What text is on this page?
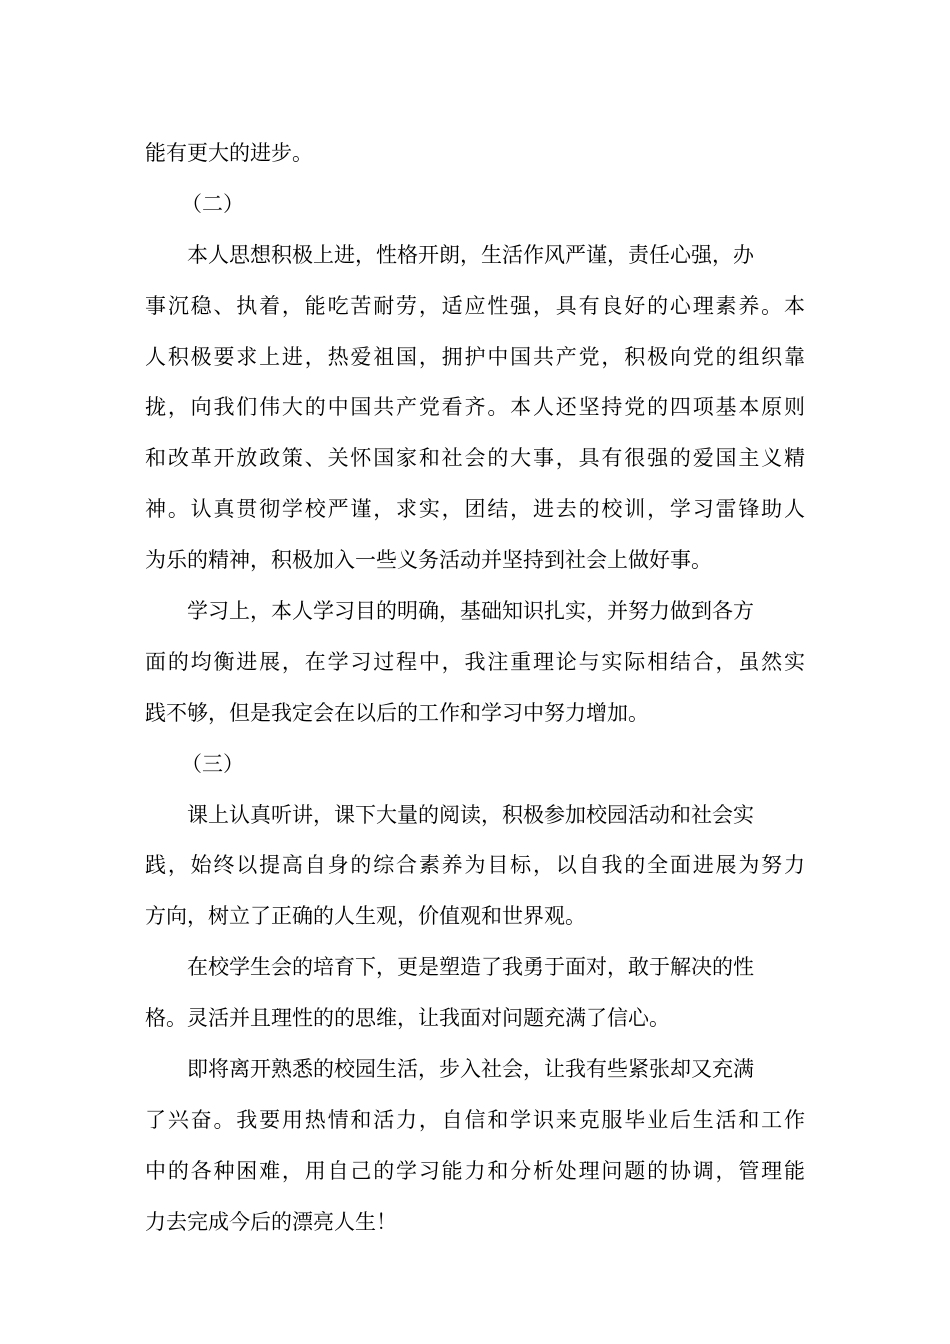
能有更大的进步。
（二）
本人思想积极上进，性格开朗，生活作风严谨，责任心强，办
事沉稳、执着，能吃苦耐劳，适应性强，具有良好的心理素养。本
人积极要求上进，热爱祖国，拥护中国共产党，积极向党的组织靠
拢，向我们伟大的中国共产党看齐。本人还坚持党的四项基本原则
和改革开放政策、关怀国家和社会的大事，具有很强的爱国主义精
神。认真贯彻学校严谨，求实，团结，进去的校训，学习雷锋助人
为乐的精神，积极加入一些义务活动并坚持到社会上做好事。
学习上，本人学习目的明确，基础知识扎实，并努力做到各方
面的均衡进展，在学习过程中，我注重理论与实际相结合，虽然实
践不够，但是我定会在以后的工作和学习中努力增加。
（三）
课上认真听讲，课下大量的阅读，积极参加校园活动和社会实
践，始终以提高自身的综合素养为目标，以自我的全面进展为努力
方向，树立了正确的人生观，价值观和世界观。
在校学生会的培育下，更是塑造了我勇于面对，敢于解决的性
格。灵活并且理性的的思维，让我面对问题充满了信心。
即将离开熟悉的校园生活，步入社会，让我有些紧张却又充满
了兴奋。我要用热情和活力，自信和学识来克服毕业后生活和工作
中的各种困难，用自己的学习能力和分析处理问题的协调，管理能
力去完成今后的漂亮人生！
